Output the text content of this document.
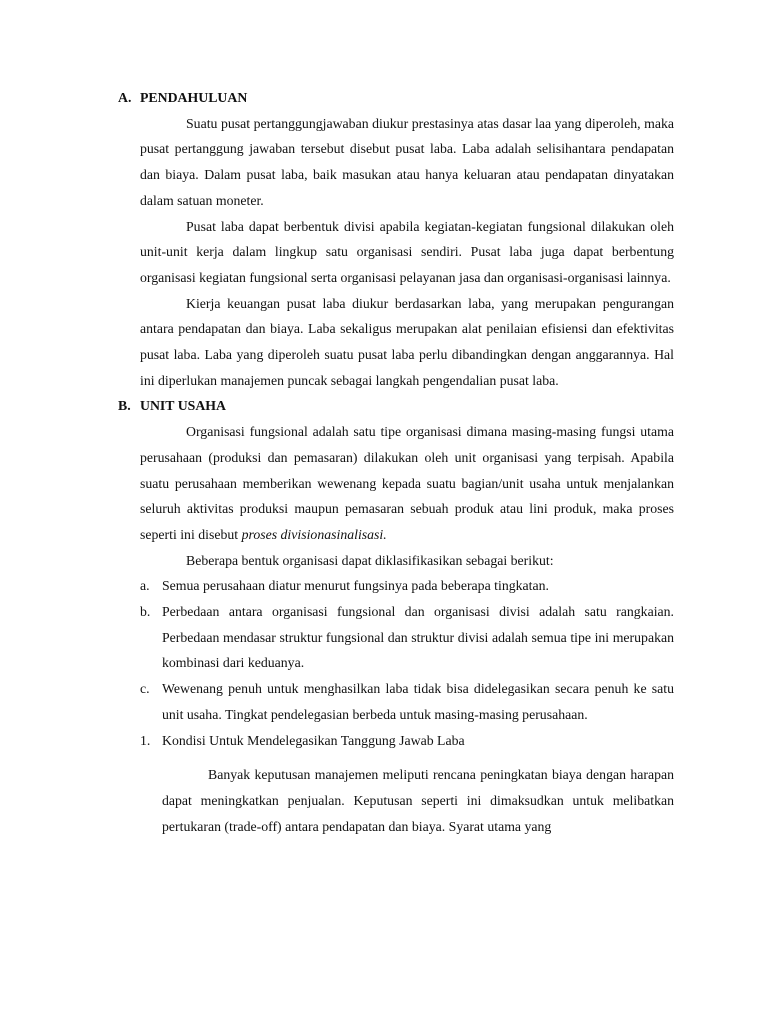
A. PENDAHULUAN

Suatu pusat pertanggungjawaban diukur prestasinya atas dasar laa yang diperoleh, maka pusat pertanggung jawaban tersebut disebut pusat laba. Laba adalah selisihantara pendapatan dan biaya. Dalam pusat laba, baik masukan atau hanya keluaran atau pendapatan dinyatakan dalam satuan moneter.

Pusat laba dapat berbentuk divisi apabila kegiatan-kegiatan fungsional dilakukan oleh unit-unit kerja dalam lingkup satu organisasi sendiri. Pusat laba juga dapat berbentung organisasi kegiatan fungsional serta organisasi pelayanan jasa dan organisasi-organisasi lainnya.

Kierja keuangan pusat laba diukur berdasarkan laba, yang merupakan pengurangan antara pendapatan dan biaya. Laba sekaligus merupakan alat penilaian efisiensi dan efektivitas pusat laba. Laba yang diperoleh suatu pusat laba perlu dibandingkan dengan anggarannya. Hal ini diperlukan manajemen puncak sebagai langkah pengendalian pusat laba.

B. UNIT USAHA

Organisasi fungsional adalah satu tipe organisasi dimana masing-masing fungsi utama perusahaan (produksi dan pemasaran) dilakukan oleh unit organisasi yang terpisah. Apabila suatu perusahaan memberikan wewenang kepada suatu bagian/unit usaha untuk menjalankan seluruh aktivitas produksi maupun pemasaran sebuah produk atau lini produk, maka proses seperti ini disebut proses divisionasinalisasi.

Beberapa bentuk organisasi dapat diklasifikasikan sebagai berikut:

a. Semua perusahaan diatur menurut fungsinya pada beberapa tingkatan.
b. Perbedaan antara organisasi fungsional dan organisasi divisi adalah satu rangkaian. Perbedaan mendasar struktur fungsional dan struktur divisi adalah semua tipe ini merupakan kombinasi dari keduanya.
c. Wewenang penuh untuk menghasilkan laba tidak bisa didelegasikan secara penuh ke satu unit usaha. Tingkat pendelegasian berbeda untuk masing-masing perusahaan.
1. Kondisi Untuk Mendelegasikan Tanggung Jawab Laba

Banyak keputusan manajemen meliputi rencana peningkatan biaya dengan harapan dapat meningkatkan penjualan. Keputusan seperti ini dimaksudkan untuk melibatkan pertukaran (trade-off) antara pendapatan dan biaya. Syarat utama yang
